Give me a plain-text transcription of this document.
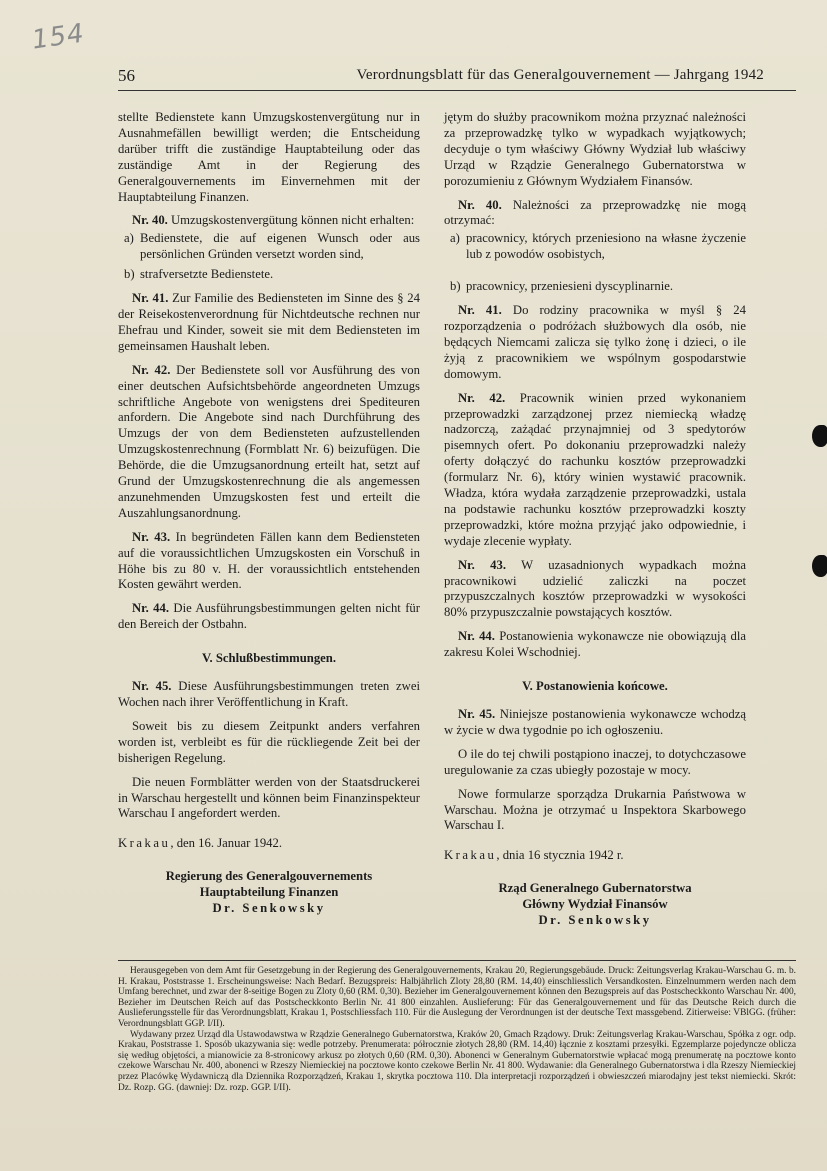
154
56	Verordnungsblatt für das Generalgouvernement — Jahrgang 1942

stellte Bedienstete kann Umzugskostenvergütung nur in Ausnahmefällen bewilligt werden; die Entscheidung darüber trifft die zuständige Hauptabteilung oder das zuständige Amt in der Regierung des Generalgouvernements im Einvernehmen mit der Hauptabteilung Finanzen.

Nr. 40. Umzugskostenvergütung können nicht erhalten:

a) Bedienstete, die auf eigenen Wunsch oder aus persönlichen Gründen versetzt worden sind,
b) strafversetzte Bedienstete.

Nr. 41. Zur Familie des Bediensteten im Sinne des § 24 der Reisekostenverordnung für Nichtdeutsche rechnen nur Ehefrau und Kinder, soweit sie mit dem Bediensteten im gemeinsamen Haushalt leben.

Nr. 42. Der Bedienstete soll vor Ausführung des von einer deutschen Aufsichtsbehörde angeordneten Umzugs schriftliche Angebote von wenigstens drei Spediteuren anfordern. Die Angebote sind nach Durchführung des Umzugs der von dem Bediensteten aufzustellenden Umzugskostenrechnung (Formblatt Nr. 6) beizufügen. Die Behörde, die die Umzugsanordnung erteilt hat, setzt auf Grund der Umzugskostenrechnung die als angemessen anzunehmenden Umzugskosten fest und erteilt die Auszahlungsanordnung.

Nr. 43. In begründeten Fällen kann dem Bediensteten auf die voraussichtlichen Umzugskosten ein Vorschuß in Höhe bis zu 80 v. H. der voraussichtlich entstehenden Kosten gewährt werden.

Nr. 44. Die Ausführungsbestimmungen gelten nicht für den Bereich der Ostbahn.

V. Schlußbestimmungen.

Nr. 45. Diese Ausführungsbestimmungen treten zwei Wochen nach ihrer Veröffentlichung in Kraft.

Soweit bis zu diesem Zeitpunkt anders verfahren worden ist, verbleibt es für die rückliegende Zeit bei der bisherigen Regelung.

Die neuen Formblätter werden von der Staatsdruckerei in Warschau hergestellt und können beim Finanzinspekteur Warschau I angefordert werden.

Krakau, den 16. Januar 1942.

Regierung des Generalgouvernements
Hauptabteilung Finanzen
Dr. Senkowsky

jętym do służby pracownikom można przyznać należności za przeprowadzkę tylko w wypadkach wyjątkowych; decyduje o tym właściwy Główny Wydział lub właściwy Urząd w Rządzie Generalnego Gubernatorstwa w porozumieniu z Głównym Wydziałem Finansów.

Nr. 40. Należności za przeprowadzkę nie mogą otrzymać:

a) pracownicy, których przeniesiono na własne życzenie lub z powodów osobistych,
b) pracownicy, przeniesieni dyscyplinarnie.

Nr. 41. Do rodziny pracownika w myśl § 24 rozporządzenia o podróżach służbowych dla osób, nie będących Niemcami zalicza się tylko żonę i dzieci, o ile żyją z pracownikiem we wspólnym gospodarstwie domowym.

Nr. 42. Pracownik winien przed wykonaniem przeprowadzki zarządzonej przez niemiecką władzę nadzorczą, zażądać przynajmniej od 3 spedytorów pisemnych ofert. Po dokonaniu przeprowadzki należy oferty dołączyć do rachunku kosztów przeprowadzki (formularz Nr. 6), który winien wystawić pracownik. Władza, która wydała zarządzenie przeprowadzki, ustala na podstawie rachunku kosztów przeprowadzki koszty przeprowadzki, które można przyjąć jako odpowiednie, i wydaje zlecenie wypłaty.

Nr. 43. W uzasadnionych wypadkach można pracownikowi udzielić zaliczki na poczet przypuszczalnych kosztów przeprowadzki w wysokości 80% przypuszczalnie powstających kosztów.

Nr. 44. Postanowienia wykonawcze nie obowiązują dla zakresu Kolei Wschodniej.

V. Postanowienia końcowe.

Nr. 45. Niniejsze postanowienia wykonawcze wchodzą w życie w dwa tygodnie po ich ogłoszeniu.

O ile do tej chwili postąpiono inaczej, to dotychczasowe uregulowanie za czas ubiegły pozostaje w mocy.

Nowe formularze sporządza Drukarnia Państwowa w Warschau. Można je otrzymać u Inspektora Skarbowego Warschau I.

Krakau, dnia 16 stycznia 1942 r.

Rząd Generalnego Gubernatorstwa
Główny Wydział Finansów
Dr. Senkowsky

Herausgegeben von dem Amt für Gesetzgebung in der Regierung des Generalgouvernements, Krakau 20, Regierungsgebäude. Druck: Zeitungsverlag Krakau-Warschau G. m. b. H. Krakau, Poststrasse 1. Erscheinungsweise: Nach Bedarf. Bezugspreis: Halbjährlich Zloty 28,80 (RM. 14,40) einschliesslich Versandkosten. Einzelnummern werden nach dem Umfang berechnet, und zwar der 8-seitige Bogen zu Zloty 0,60 (RM. 0,30). Bezieher im Generalgouvernement können den Bezugspreis auf das Postscheckkonto Warschau Nr. 400, Bezieher im Deutschen Reich auf das Postscheckkonto Berlin Nr. 41 800 einzahlen. Auslieferung: Für das Generalgouvernement und für das Deutsche Reich durch die Auslieferungsstelle für das Verordnungsblatt, Krakau 1, Postschliessfach 110. Für die Auslegung der Verordnungen ist der deutsche Text massgebend. Zitierweise: VBlGG. (früher: Verordnungsblatt GGP. I/II).

Wydawany przez Urząd dla Ustawodawstwa w Rządzie Generalnego Gubernatorstwa, Kraków 20, Gmach Rządowy. Druk: Zeitungsverlag Krakau-Warschau, Spółka z ogr. odp. Krakau, Poststrasse 1. Sposób ukazywania się: wedle potrzeby. Prenumerata: półrocznie złotych 28,80 (RM. 14,40) łącznie z kosztami przesyłki. Egzemplarze pojedyncze oblicza się według objętości, a mianowicie za 8-stronicowy arkusz po złotych 0,60 (RM. 0,30). Abonenci w Generalnym Gubernatorstwie wpłacać mogą prenumeratę na pocztowe konto czekowe Warschau Nr. 400, abonenci w Rzeszy Niemieckiej na pocztowe konto czekowe Berlin Nr. 41 800. Wydawanie: dla Generalnego Gubernatorstwa i dla Rzeszy Niemieckiej przez Placówkę Wydawniczą dla Dziennika Rozporządzeń, Krakau 1, skrytka pocztowa 110. Dla interpretacji rozporządzeń i obwieszczeń miarodajny jest tekst niemiecki. Skrót: Dz. Rozp. GG. (dawniej: Dz. rozp. GGP. I/II).
